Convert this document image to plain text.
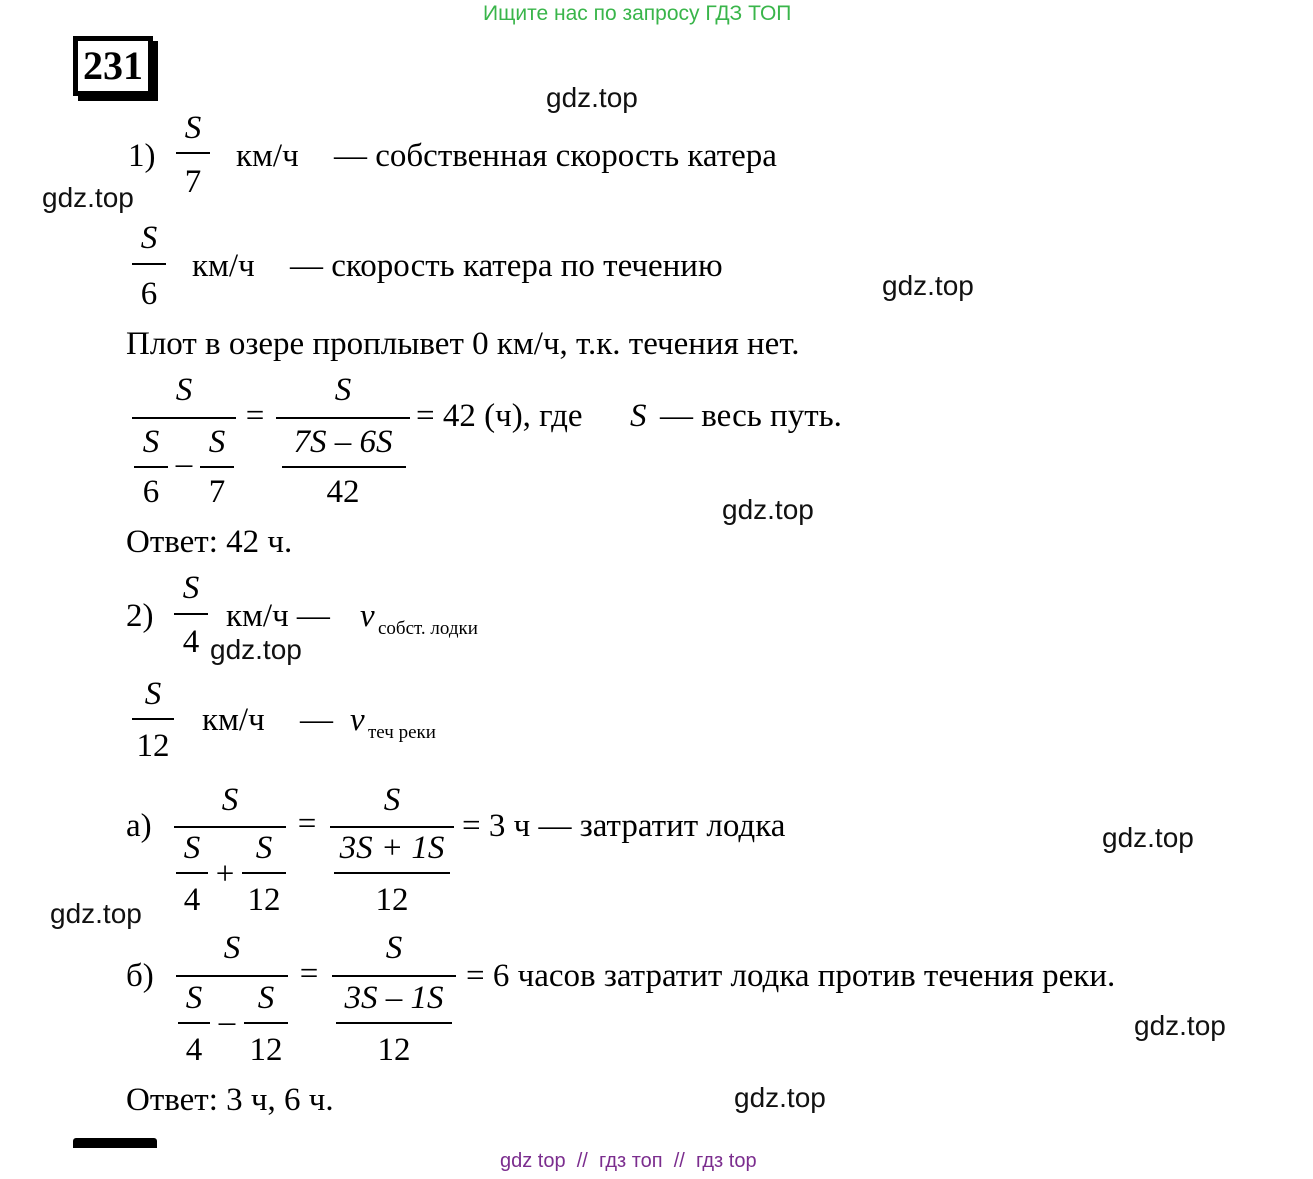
Ищите нас по запросу ГДЗ ТОП
231
gdz.top
gdz.top
gdz.top
gdz.top
gdz.top
gdz.top
gdz.top
gdz.top
gdz.top
1)
S
7
км/ч — собственная скорость катера
S
6
км/ч — скорость катера по течению
Плот в озере проплывет 0 км/ч, т.к. течения нет.
S
S
6
–
S
7
=
S
7S – 6S
42
= 42 (ч), где S — весь путь.
Ответ: 42 ч.
2)
S
4
км/ч — v собст. лодки
S
12
км/ч — v теч реки
а)
S
S
4
+
S
12
=
S
3S + 1S
12
= 3 ч — затратит лодка
б)
S
S
4
–
S
12
=
S
3S – 1S
12
= 6 часов затратит лодка против течения реки.
Ответ: 3 ч, 6 ч.
gdz top  //  гдз топ  //  гдз top
